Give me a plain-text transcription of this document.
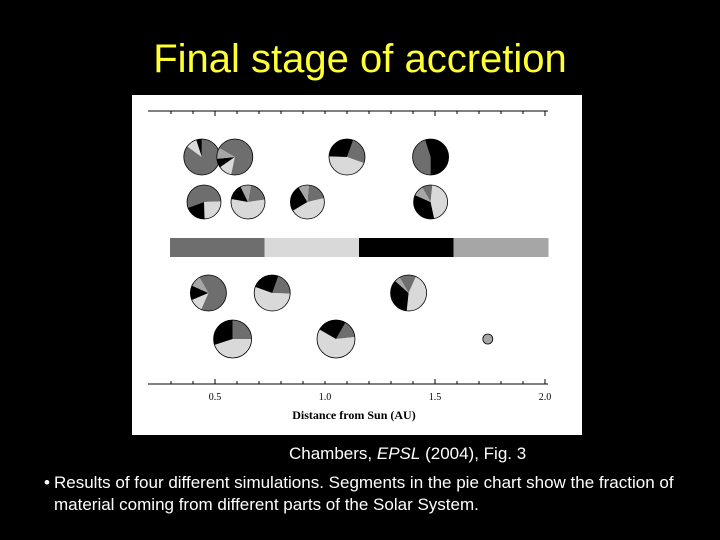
Final stage of accretion
0.5	1.0	1.5	2.0
Distance from Sun (AU)
Chambers, EPSL (2004), Fig. 3
• Results of four different simulations. Segments in the pie chart show the fraction of material coming from different parts of the Solar System.
